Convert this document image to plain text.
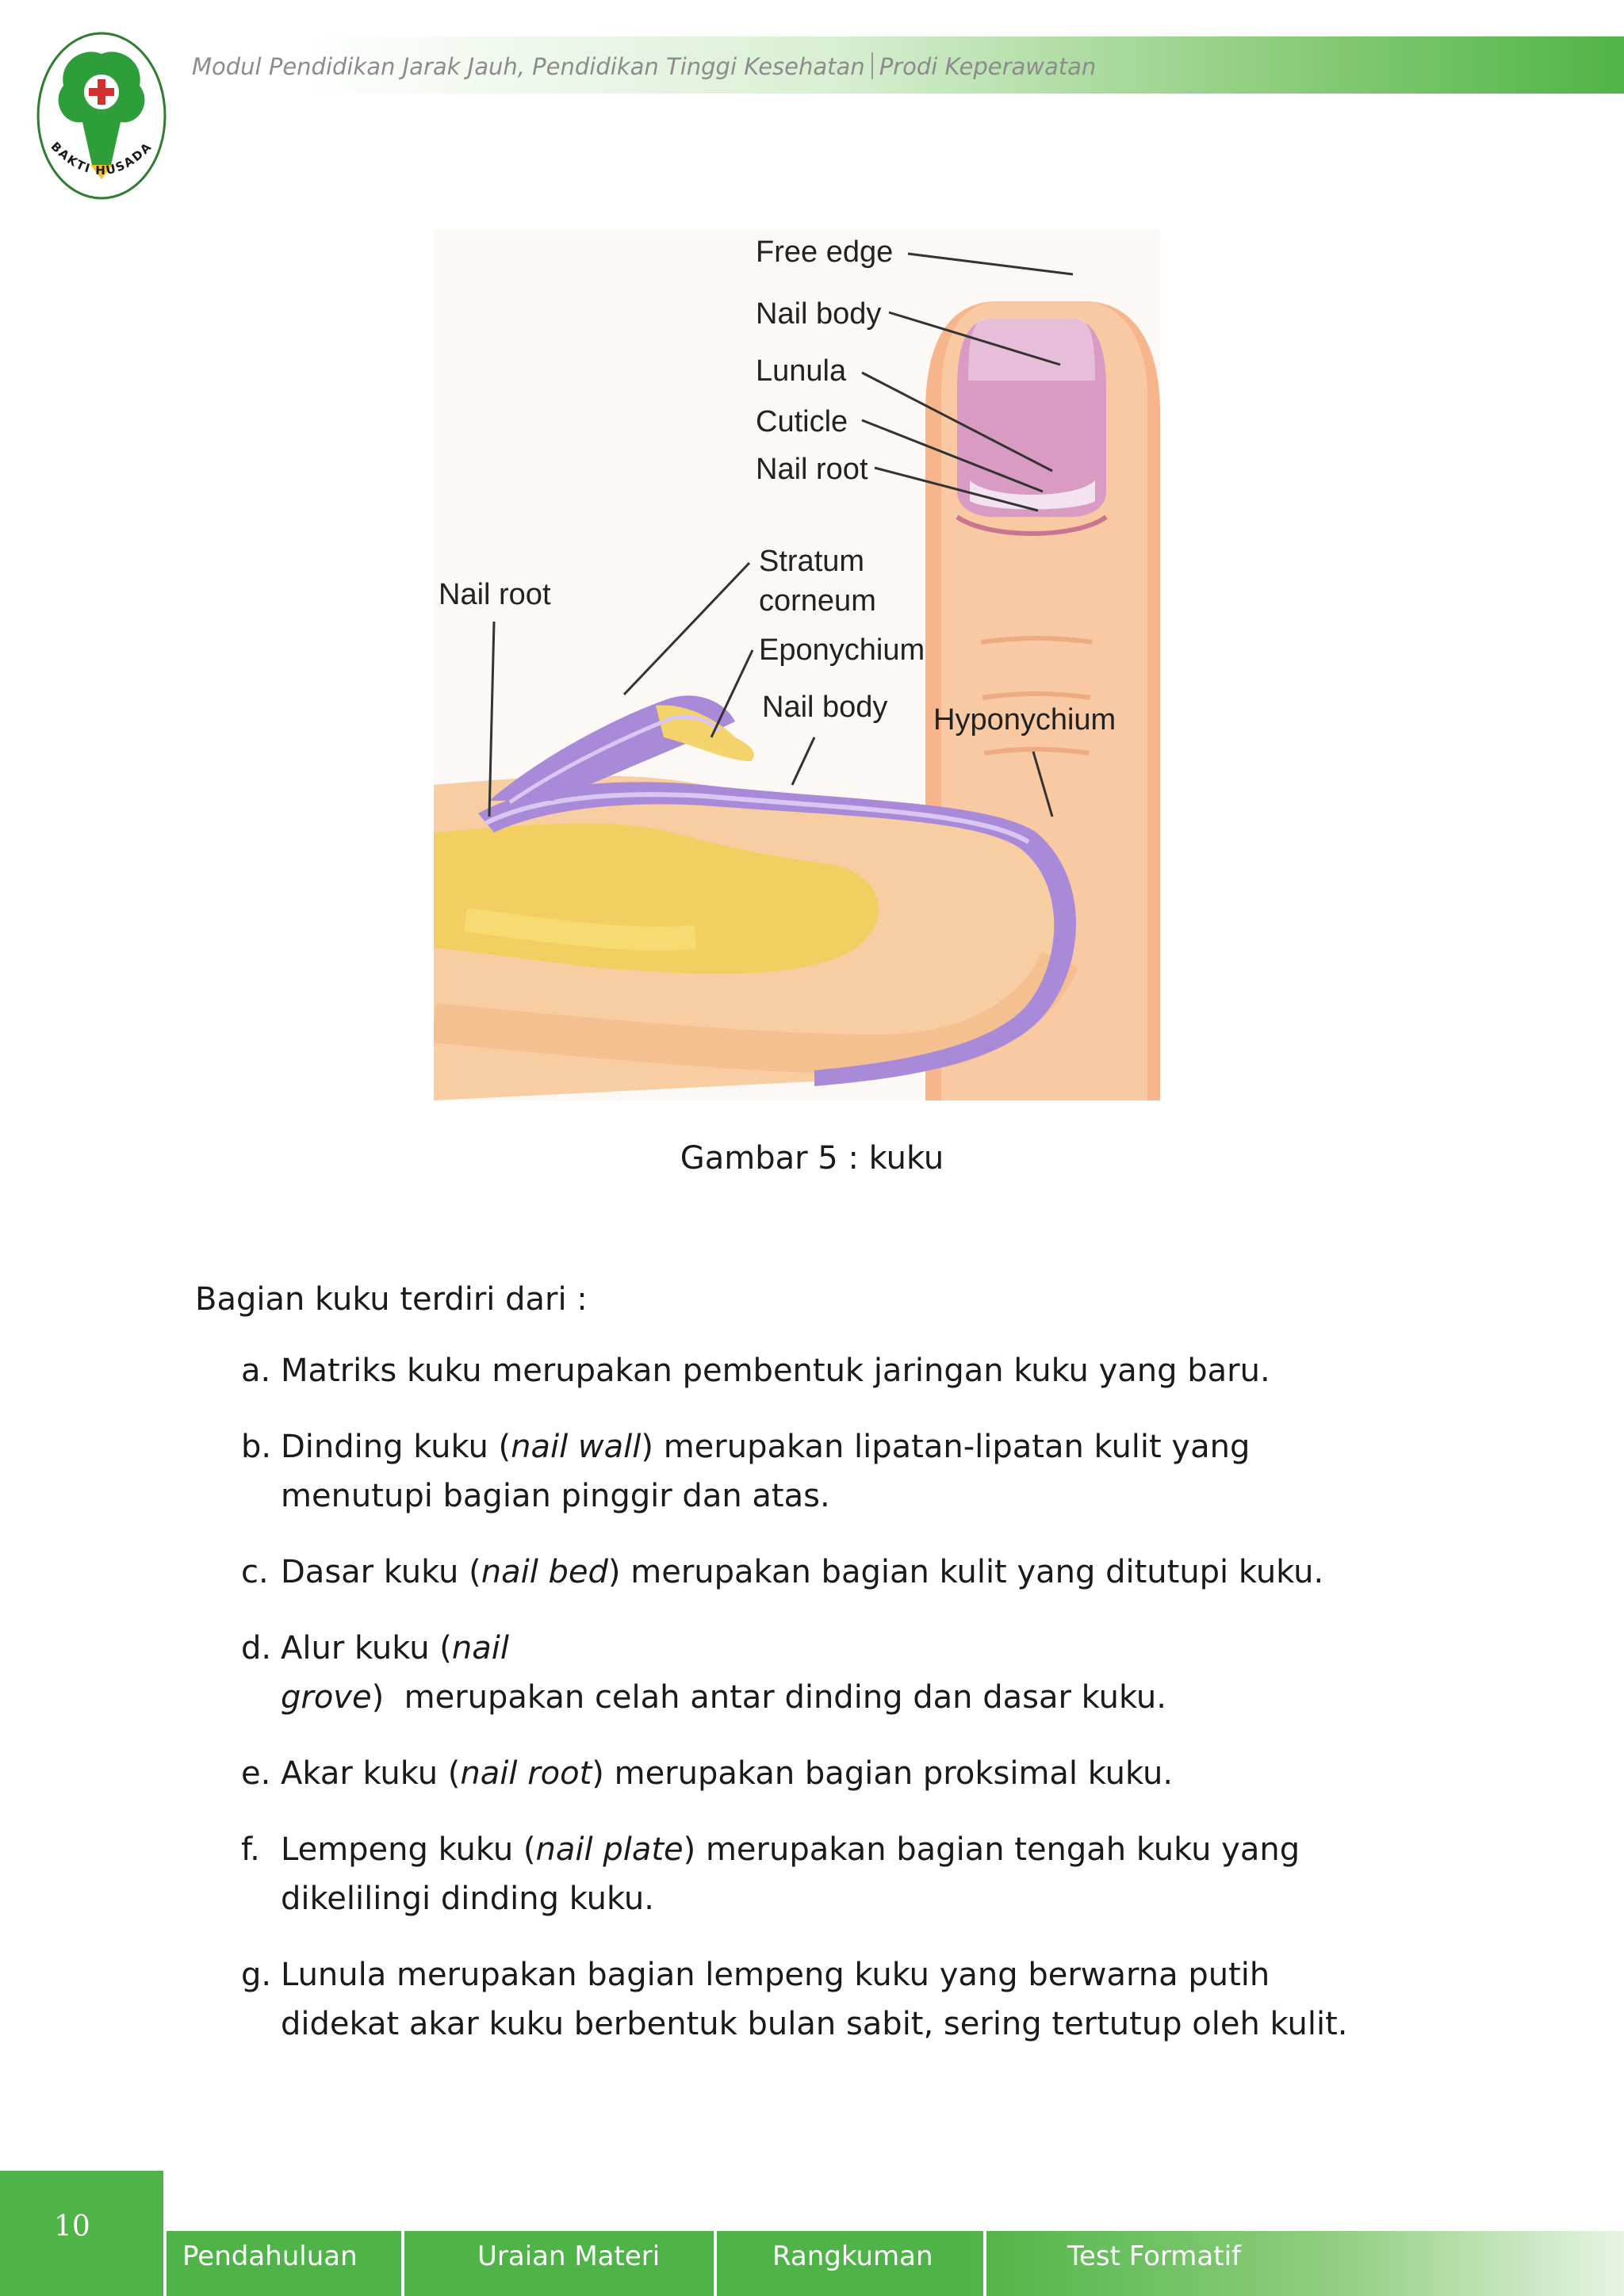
BAKTI HUSADA
Modul Pendidikan Jarak Jauh, Pendidikan Tinggi Kesehatan Prodi Keperawatan
Free edge
Nail body
Lunula
Cuticle
Nail root
Nail root
Stratum
corneum
Eponychium
Nail body Hyponychium
Gambar 5 : kuku
Bagian kuku terdiri dari :
a. Matriks kuku merupakan pembentuk jaringan kuku yang baru.
b. Dinding kuku (nail wall) merupakan lipatan-lipatan kulit yang menutupi bagian pinggir dan atas.
c. Dasar kuku (nail bed) merupakan bagian kulit yang ditutupi kuku.
d. Alur kuku (nail grove)  merupakan celah antar dinding dan dasar kuku.
e. Akar kuku (nail root) merupakan bagian proksimal kuku.
f. Lempeng kuku (nail plate) merupakan bagian tengah kuku yang dikelilingi dinding kuku.
g. Lunula merupakan bagian lempeng kuku yang berwarna putih didekat akar kuku berbentuk bulan sabit, sering tertutup oleh kulit.
10
Pendahuluan	Uraian Materi	Rangkuman	Test Formatif
